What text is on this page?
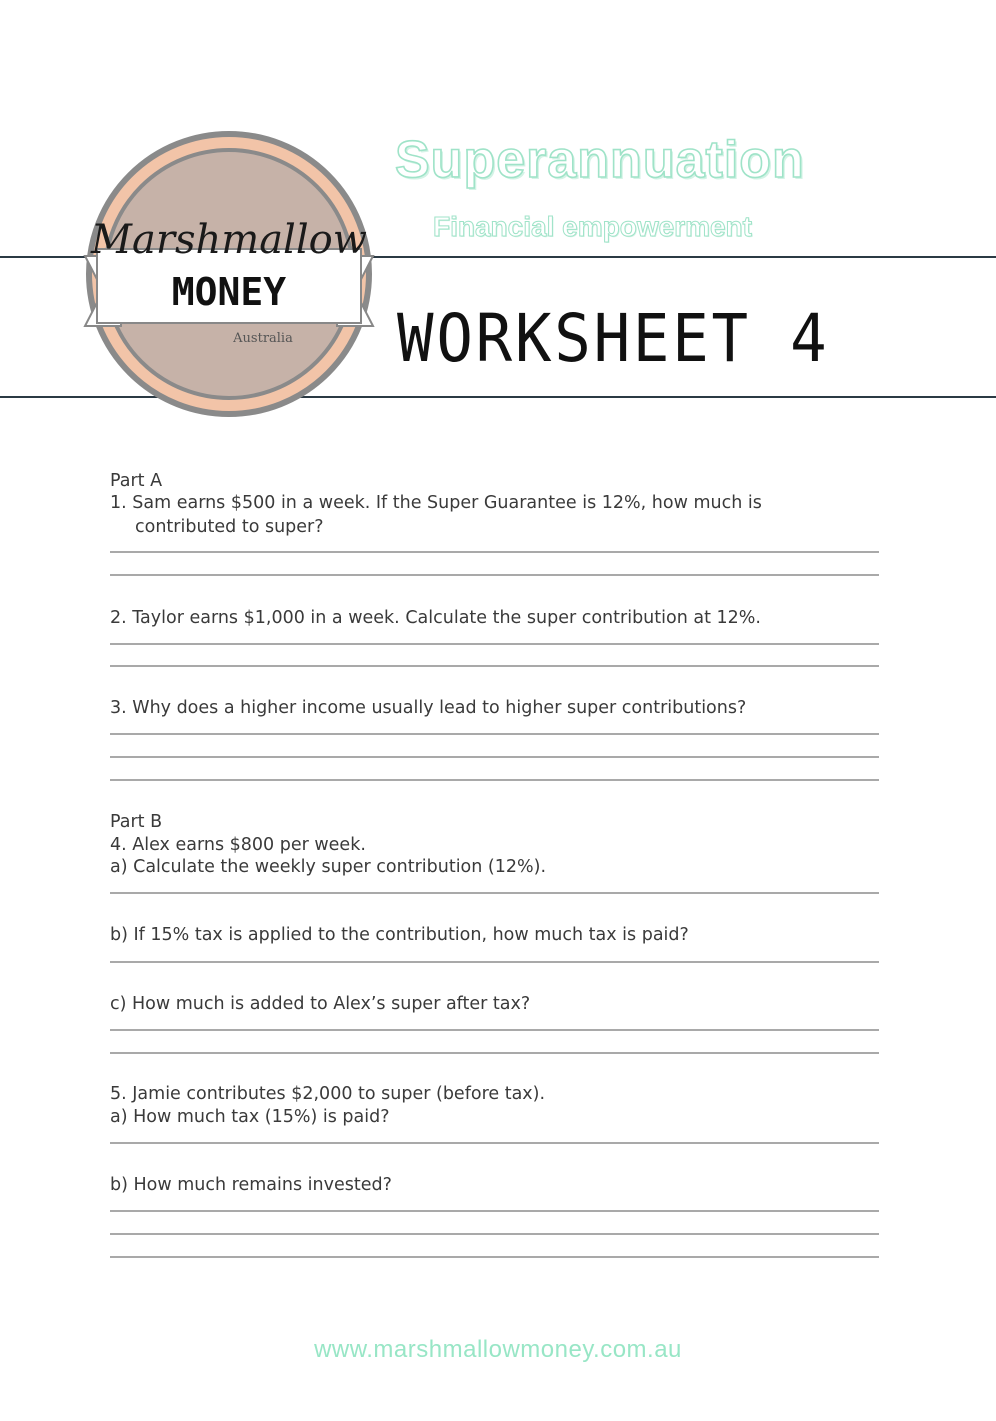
Marshmallow
MONEY
Australia
Superannuation
Financial empowerment
WORKSHEET 4
Part A
1. Sam earns $500 in a week. If the Super Guarantee is 12%, how much is
contributed to super?
2. Taylor earns $1,000 in a week. Calculate the super contribution at 12%.
3. Why does a higher income usually lead to higher super contributions?
Part B
4. Alex earns $800 per week.
a) Calculate the weekly super contribution (12%).
b) If 15% tax is applied to the contribution, how much tax is paid?
c) How much is added to Alex’s super after tax?
5. Jamie contributes $2,000 to super (before tax).
a) How much tax (15%) is paid?
b) How much remains invested?
www.marshmallowmoney.com.au
